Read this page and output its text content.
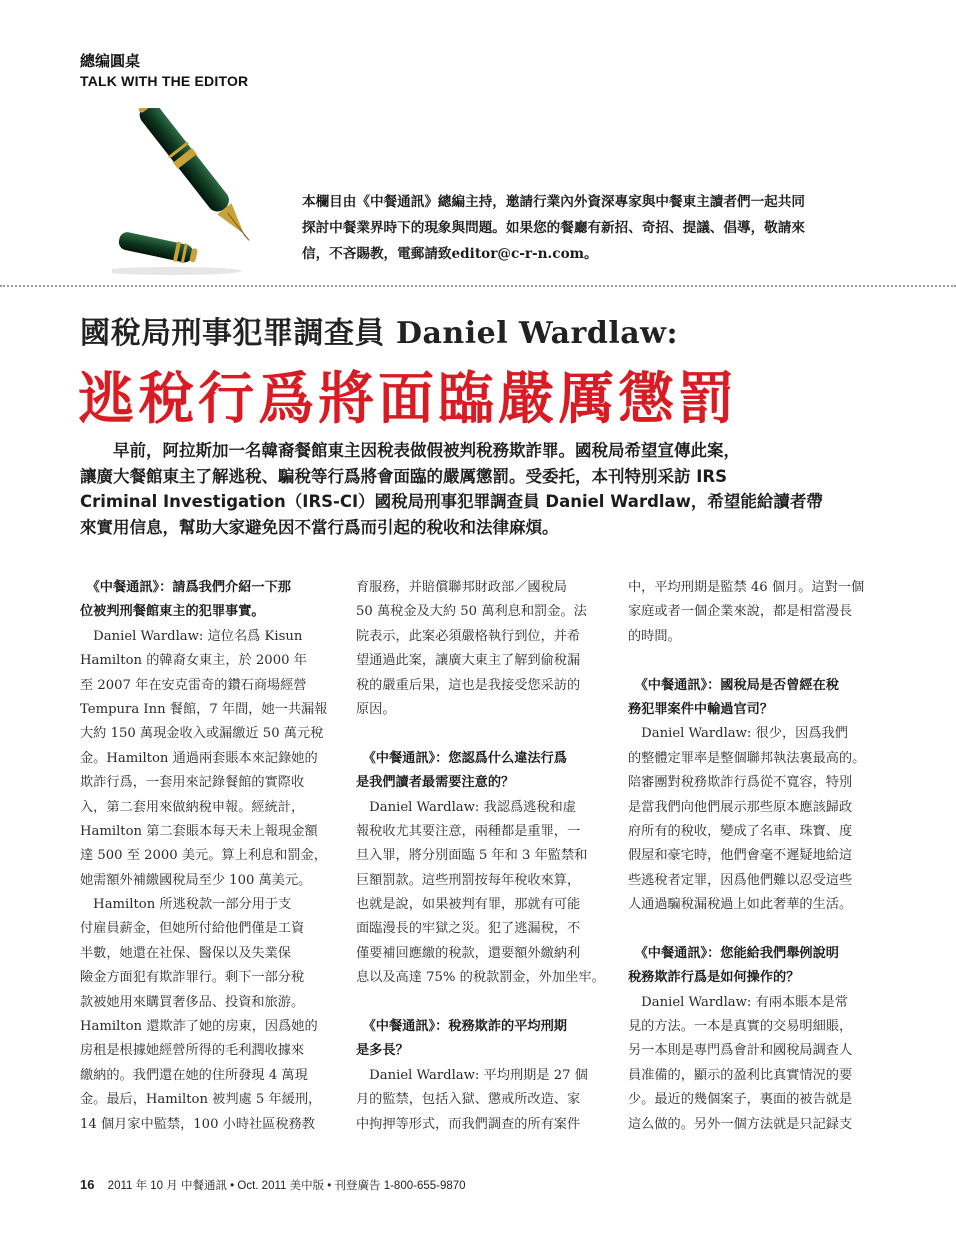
總编圓桌
TALK WITH THE EDITOR
本欄目由《中餐通訊》總編主持，邀請行業內外資深專家與中餐東主讀者們一起共同
探討中餐業界時下的現象與問題。如果您的餐廳有新招、奇招、提議、倡導，敬請來
信，不吝賜教，電郵請致editor@c-r-n.com。
國稅局刑事犯罪調查員 Daniel Wardlaw:
逃稅行爲將面臨嚴厲懲罰
早前，阿拉斯加一名韓裔餐館東主因稅表做假被判稅務欺詐罪。國稅局希望宣傳此案，
讓廣大餐館東主了解逃稅、騙稅等行爲將會面臨的嚴厲懲罰。受委托，本刊特別采訪 IRS
Criminal Investigation（IRS-CI）國稅局刑事犯罪調查員 Daniel Wardlaw，希望能給讀者帶
來實用信息，幫助大家避免因不當行爲而引起的稅收和法律麻煩。
　《中餐通訊》：請爲我們介紹一下那
位被判刑餐館東主的犯罪事實。
　Daniel Wardlaw: 這位名爲 Kisun
Hamilton 的韓裔女東主，於 2000 年
至 2007 年在安克雷奇的鑽石商場經營
Tempura Inn 餐館，7 年間，她一共漏報
大約 150 萬現金收入或漏繳近 50 萬元稅
金。Hamilton 通過兩套賬本來記錄她的
欺詐行爲，一套用來記錄餐館的實際收
入，第二套用來做納稅申報。經統計，
Hamilton 第二套賬本每天未上報現金額
達 500 至 2000 美元。算上利息和罰金，
她需額外補繳國稅局至少 100 萬美元。
　Hamilton 所逃稅款一部分用于支
付雇員薪金，但她所付給他們僅是工資
半數，她還在社保、醫保以及失業保
險金方面犯有欺詐罪行。剩下一部分稅
款被她用來購買奢侈品、投資和旅游。
Hamilton 還欺詐了她的房東，因爲她的
房租是根據她經營所得的毛利潤收據來
繳納的。我們還在她的住所發現 4 萬現
金。最后，Hamilton 被判處 5 年緩刑，
14 個月家中監禁，100 小時社區稅務教
育服務，并賠償聯邦財政部／國稅局
50 萬稅金及大約 50 萬利息和罰金。法
院表示，此案必須嚴格執行到位，并希
望通過此案，讓廣大東主了解到偷稅漏
稅的嚴重后果，這也是我接受您采訪的
原因。
　《中餐通訊》：您認爲什么違法行爲
是我們讀者最需要注意的？
　Daniel Wardlaw: 我認爲逃稅和虚
報稅收尤其要注意，兩種都是重罪，一
旦入罪，將分別面臨 5 年和 3 年監禁和
巨額罰款。這些刑罰按每年稅收來算，
也就是說，如果被判有罪，那就有可能
面臨漫長的牢獄之災。犯了逃漏稅，不
僅要補回應繳的稅款，還要額外繳納利
息以及高達 75% 的稅款罰金，外加坐牢。
　《中餐通訊》：稅務欺詐的平均刑期
是多長？
　Daniel Wardlaw: 平均刑期是 27 個
月的監禁，包括入獄、懲戒所改造、家
中拘押等形式，而我們調查的所有案件
中，平均刑期是監禁 46 個月。這對一個
家庭或者一個企業來說，都是相當漫長
的時間。
　《中餐通訊》：國稅局是否曾經在稅
務犯罪案件中輸過官司？
　Daniel Wardlaw: 很少，因爲我們
的整體定罪率是整個聯邦執法裏最高的。
陪審團對稅務欺詐行爲從不寬容，特別
是當我們向他們展示那些原本應該歸政
府所有的稅收，變成了名車、珠寶、度
假屋和豪宅時，他們會毫不遲疑地給這
些逃稅者定罪，因爲他們難以忍受這些
人通過騙稅漏稅過上如此奢華的生活。
　《中餐通訊》：您能給我們舉例說明
稅務欺詐行爲是如何操作的？
　Daniel Wardlaw: 有兩本賬本是常
見的方法。一本是真實的交易明細賬，
另一本則是專門爲會計和國稅局調查人
員准備的，顯示的盈利比真實情況的要
少。最近的幾個案子，裏面的被告就是
這么做的。另外一個方法就是只記録支
16 2011 年 10 月 中餐通訊 • Oct. 2011 美中版 • 刊登廣告 1-800-655-9870
